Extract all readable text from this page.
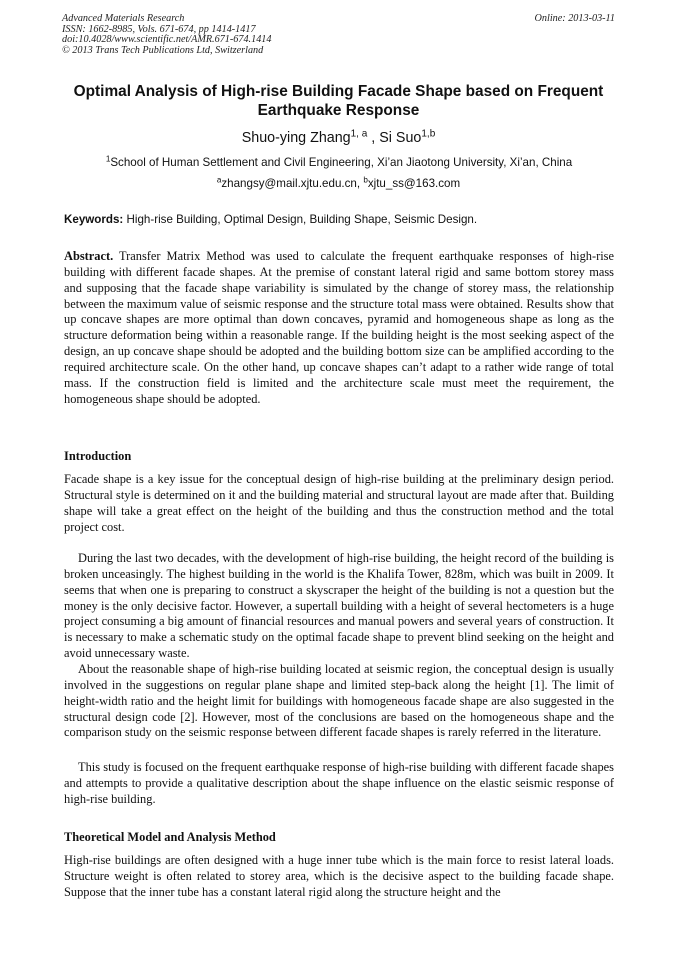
Advanced Materials Research
ISSN: 1662-8985, Vols. 671-674, pp 1414-1417
doi:10.4028/www.scientific.net/AMR.671-674.1414
© 2013 Trans Tech Publications Ltd, Switzerland
Online: 2013-03-11
Optimal Analysis of High-rise Building Facade Shape based on Frequent Earthquake Response
Shuo-ying Zhang$^{1, a}$ , Si Suo$^{1,b}$
$^1$School of Human Settlement and Civil Engineering, Xi’an Jiaotong University, Xi’an, China
$^a$zhangsy@mail.xjtu.edu.cn, $^b$xjtu_ss@163.com
Keywords: High-rise Building, Optimal Design, Building Shape, Seismic Design.

Abstract. Transfer Matrix Method was used to calculate the frequent earthquake responses of high-rise building with different facade shapes. At the premise of constant lateral rigid and same bottom storey mass and supposing that the facade shape variability is simulated by the change of storey mass, the relationship between the maximum value of seismic response and the structure total mass were obtained. Results show that up concave shapes are more optimal than down concaves, pyramid and homogeneous shape as long as the structure deformation being within a reasonable range. If the building height is the most seeking aspect of the design, an up concave shape should be adopted and the building bottom size can be amplified according to the required architecture scale. On the other hand, up concave shapes can’t adapt to a rather wide range of total mass. If the construction field is limited and the architecture scale must meet the requirement, the homogeneous shape should be adopted.

Introduction

Facade shape is a key issue for the conceptual design of high-rise building at the preliminary design period. Structural style is determined on it and the building material and structural layout are made after that. Building shape will take a great effect on the height of the building and thus the construction method and the total project cost.

During the last two decades, with the development of high-rise building, the height record of the building is broken unceasingly. The highest building in the world is the Khalifa Tower, 828m, which was built in 2009. It seems that when one is preparing to construct a skyscraper the height of the building is not a question but the money is the only decisive factor. However, a supertall building with a height of several hectometers is a huge project consuming a big amount of financial resources and manual powers and several years of construction. It is necessary to make a schematic study on the optimal facade shape to prevent blind seeking on the height and avoid unnecessary waste.

About the reasonable shape of high-rise building located at seismic region, the conceptual design is usually involved in the suggestions on regular plane shape and limited step-back along the height [1]. The limit of height-width ratio and the height limit for buildings with homogeneous facade shape are also suggested in the structural design code [2]. However, most of the conclusions are based on the homogeneous shape and the comparison study on the seismic response between different facade shapes is rarely referred in the literature.

This study is focused on the frequent earthquake response of high-rise building with different facade shapes and attempts to provide a qualitative description about the shape influence on the elastic seismic response of high-rise building.

Theoretical Model and Analysis Method

High-rise buildings are often designed with a huge inner tube which is the main force to resist lateral loads. Structure weight is often related to storey area, which is the decisive aspect to the building facade shape. Suppose that the inner tube has a constant lateral rigid along the structure height and the
